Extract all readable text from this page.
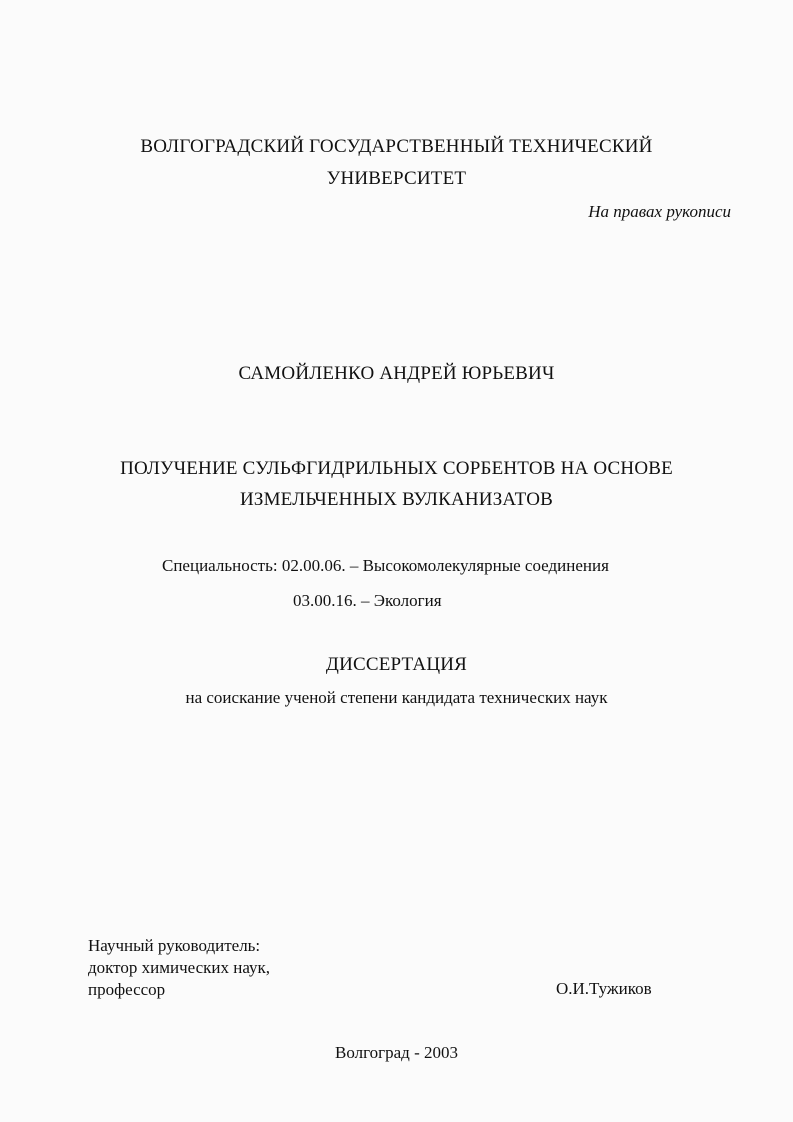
ВОЛГОГРАДСКИЙ ГОСУДАРСТВЕННЫЙ ТЕХНИЧЕСКИЙ
УНИВЕРСИТЕТ
На правах рукописи
САМОЙЛЕНКО АНДРЕЙ ЮРЬЕВИЧ
ПОЛУЧЕНИЕ СУЛЬФГИДРИЛЬНЫХ СОРБЕНТОВ НА ОСНОВЕ
ИЗМЕЛЬЧЕННЫХ ВУЛКАНИЗАТОВ
Специальность: 02.00.06. – Высокомолекулярные соединения
03.00.16. – Экология
ДИССЕРТАЦИЯ
на соискание ученой степени кандидата технических наук
Научный руководитель:
доктор химических наук,
профессор	О.И.Тужиков
Волгоград - 2003
